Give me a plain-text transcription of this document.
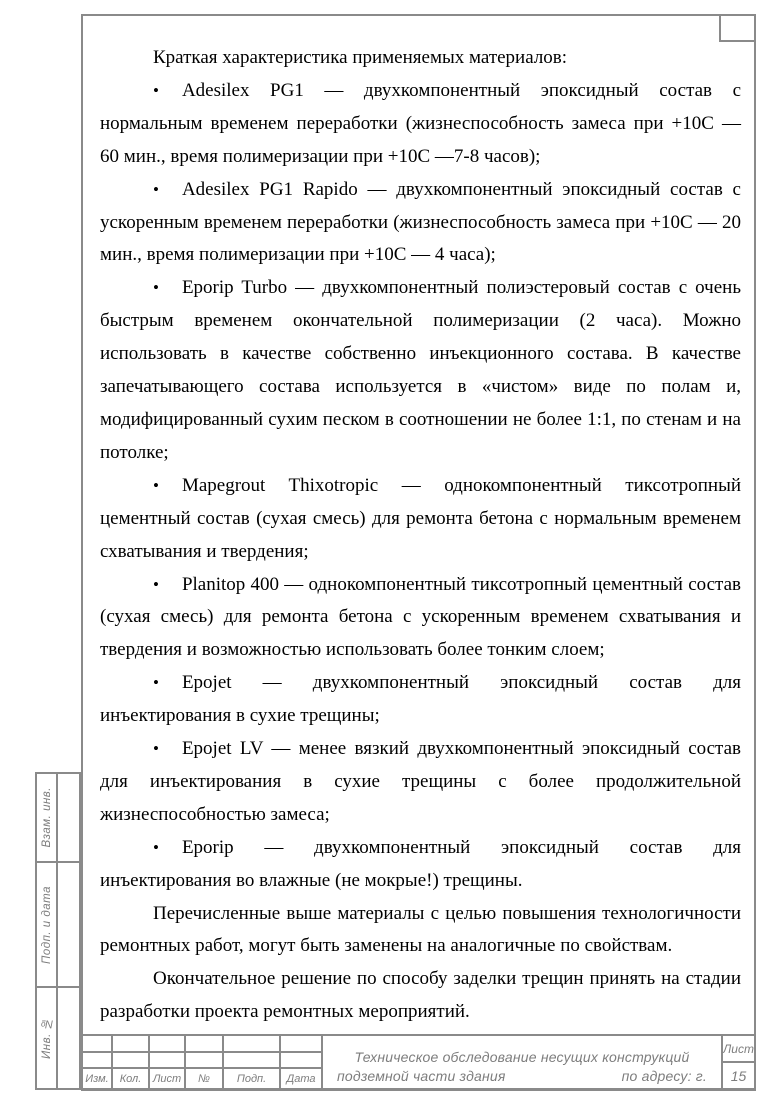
Краткая характеристика применяемых материалов:

• Adesilex PG1 — двухкомпонентный эпоксидный состав с нормальным временем переработки (жизнеспособность замеса при +10С — 60 мин., время полимеризации при +10С —7-8 часов);

• Adesilex PG1 Rapido — двухкомпонентный эпоксидный состав с ускоренным временем переработки (жизнеспособность замеса при +10С — 20 мин., время полимеризации при +10С — 4 часа);

• Eporip Turbo — двухкомпонентный полиэстеровый состав с очень быстрым временем окончательной полимеризации (2 часа). Можно использовать в качестве собственно инъекционного состава. В качестве запечатывающего состава используется в «чистом» виде по полам и, модифицированный сухим песком в соотношении не более 1:1, по стенам и на потолке;

• Mapegrout Thixotropic — однокомпонентный тиксотропный цементный состав (сухая смесь) для ремонта бетона с нормальным временем схватывания и твердения;

• Planitop 400 — однокомпонентный тиксотропный цементный состав (сухая смесь) для ремонта бетона с ускоренным временем схватывания и твердения и возможностью использовать более тонким слоем;

• Epojet — двухкомпонентный эпоксидный состав для инъектирования в сухие трещины;

• Epojet LV — менее вязкий двухкомпонентный эпоксидный состав для инъектирования в сухие трещины с более продолжительной жизнеспособностью замеса;

• Eporip — двухкомпонентный эпоксидный состав для инъектирования во влажные (не мокрые!) трещины.

Перечисленные выше материалы с целью повышения технологичности ремонтных работ, могут быть заменены на аналогичные по свойствам.

Окончательное решение по способу заделки трещин принять на стадии разработки проекта ремонтных мероприятий.

Взам. инв.
Подп. и дата
Инв. №	Техническое обследование несущих конструкций
подземной части здания	по адресу: г.
Лист
15
Изм. Кол.	Лист	№	Подп.	Дата
